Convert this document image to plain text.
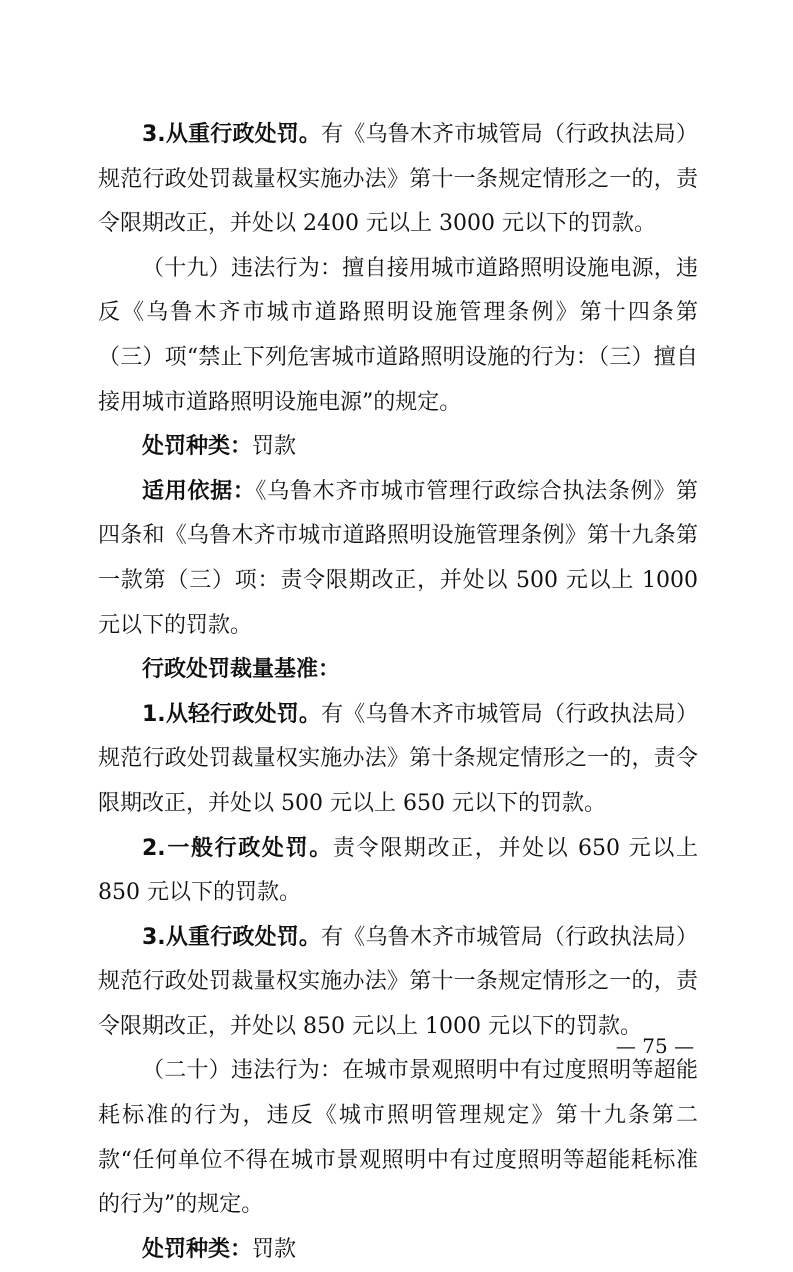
3.从重行政处罚。有《乌鲁木齐市城管局（行政执法局）规范行政处罚裁量权实施办法》第十一条规定情形之一的，责令限期改正，并处以 2400 元以上 3000 元以下的罚款。

（十九）违法行为：擅自接用城市道路照明设施电源，违反《乌鲁木齐市城市道路照明设施管理条例》第十四条第（三）项“禁止下列危害城市道路照明设施的行为：（三）擅自接用城市道路照明设施电源”的规定。

处罚种类：罚款

适用依据：《乌鲁木齐市城市管理行政综合执法条例》第四条和《乌鲁木齐市城市道路照明设施管理条例》第十九条第一款第（三）项：责令限期改正，并处以 500 元以上 1000 元以下的罚款。

行政处罚裁量基准：

1.从轻行政处罚。有《乌鲁木齐市城管局（行政执法局）规范行政处罚裁量权实施办法》第十条规定情形之一的，责令限期改正，并处以 500 元以上 650 元以下的罚款。

2.一般行政处罚。责令限期改正，并处以 650 元以上 850 元以下的罚款。

3.从重行政处罚。有《乌鲁木齐市城管局（行政执法局）规范行政处罚裁量权实施办法》第十一条规定情形之一的，责令限期改正，并处以 850 元以上 1000 元以下的罚款。

（二十）违法行为：在城市景观照明中有过度照明等超能耗标准的行为，违反《城市照明管理规定》第十九条第二款“任何单位不得在城市景观照明中有过度照明等超能耗标准的行为”的规定。

处罚种类：罚款

— 75 —
